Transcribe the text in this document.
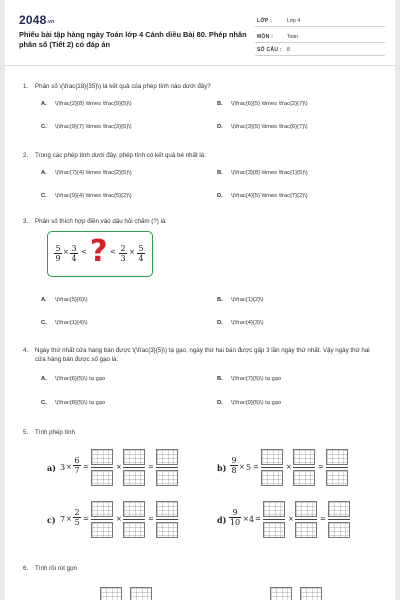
2048.vn
Phiếu bài tập hàng ngày Toán lớp 4 Cánh diều Bài 80. Phép nhân phân số (Tiết 2) có đáp án
LỚP :	Lớp 4
MÔN :	Toán
SỐ CÂU : 8
1. Phân số \(\frac{18}{35}\) là kết quả của phép tính nào dưới đây?
A. \(\frac{2}{8} \times \frac{9}{5}\)	B. \(\frac{6}{5} \times \frac{2}{7}\)
C. \(\frac{9}{7} \times \frac{3}{5}\)	D. \(\frac{3}{5} \times \frac{6}{7}\)
2. Trong các phép tính dưới đây, phép tính có kết quả bé nhất là:
A. \(\frac{7}{4} \times \frac{2}{5}\)	B. \(\frac{3}{8} \times \frac{1}{5}\)
C. \(\frac{9}{4} \times \frac{5}{2}\)	D. \(\frac{4}{5} \times \frac{7}{2}\)
3. Phân số thích hợp điền vào dấu hỏi chấm (?) là:
5
9
× 3
4
< ? < 2
3
× 5
4
A. \(\frac{5}{6}\)	B. \(\frac{1}{2}\)
C. \(\frac{1}{4}\)	D. \(\frac{4}{3}\)
4. Ngày thứ nhất cửa hàng bán được \(\frac{3}{5}\) tạ gạo, ngày thứ hai bán được gấp 3 lần ngày thứ nhất. Vậy ngày thứ hai cửa hàng bán được số gạo là:
A. \(\frac{6}{5}\) tạ gạo	B. \(\frac{7}{5}\) tạ gạo
C. \(\frac{8}{5}\) tạ gạo	D. \(\frac{9}{5}\) tạ gạo
5. Tính phép tính
a) 3 ×
6
7 =	×	=	b)
9
8 × 5 =	×	=
c) 7 ×
2
5 =	×	=	d)
9
10 × 4 =	×	=
6. Tính rồi rút gọn
